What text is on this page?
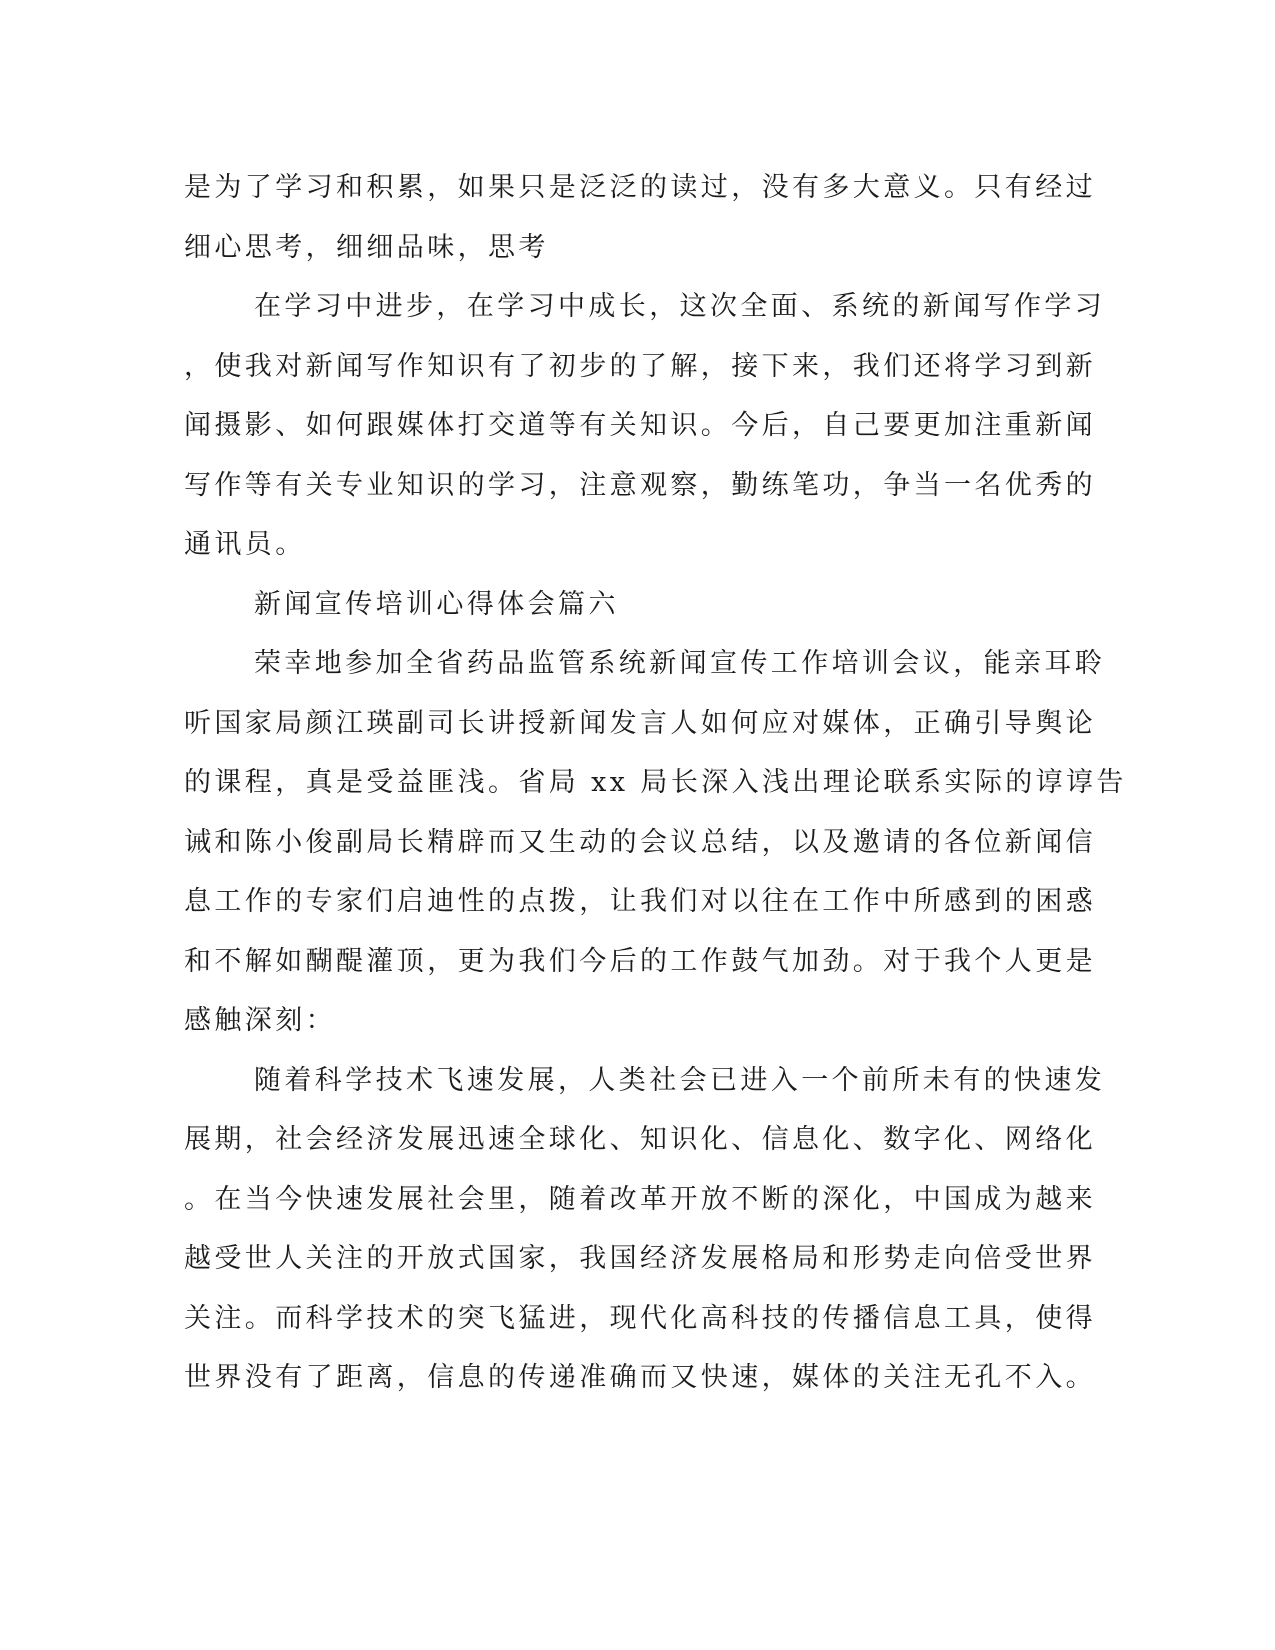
是为了学习和积累，如果只是泛泛的读过，没有多大意义。只有经过
细心思考，细细品味，思考
在学习中进步，在学习中成长，这次全面、系统的新闻写作学习
，使我对新闻写作知识有了初步的了解，接下来，我们还将学习到新
闻摄影、如何跟媒体打交道等有关知识。今后，自己要更加注重新闻
写作等有关专业知识的学习，注意观察，勤练笔功，争当一名优秀的
通讯员。
新闻宣传培训心得体会篇六
荣幸地参加全省药品监管系统新闻宣传工作培训会议，能亲耳聆
听国家局颜江瑛副司长讲授新闻发言人如何应对媒体，正确引导舆论
的课程，真是受益匪浅。省局 xx 局长深入浅出理论联系实际的谆谆告
诫和陈小俊副局长精辟而又生动的会议总结，以及邀请的各位新闻信
息工作的专家们启迪性的点拨，让我们对以往在工作中所感到的困惑
和不解如醐醍灌顶，更为我们今后的工作鼓气加劲。对于我个人更是
感触深刻：
随着科学技术飞速发展，人类社会已进入一个前所未有的快速发
展期，社会经济发展迅速全球化、知识化、信息化、数字化、网络化
。在当今快速发展社会里，随着改革开放不断的深化，中国成为越来
越受世人关注的开放式国家，我国经济发展格局和形势走向倍受世界
关注。而科学技术的突飞猛进，现代化高科技的传播信息工具，使得
世界没有了距离，信息的传递准确而又快速，媒体的关注无孔不入。
